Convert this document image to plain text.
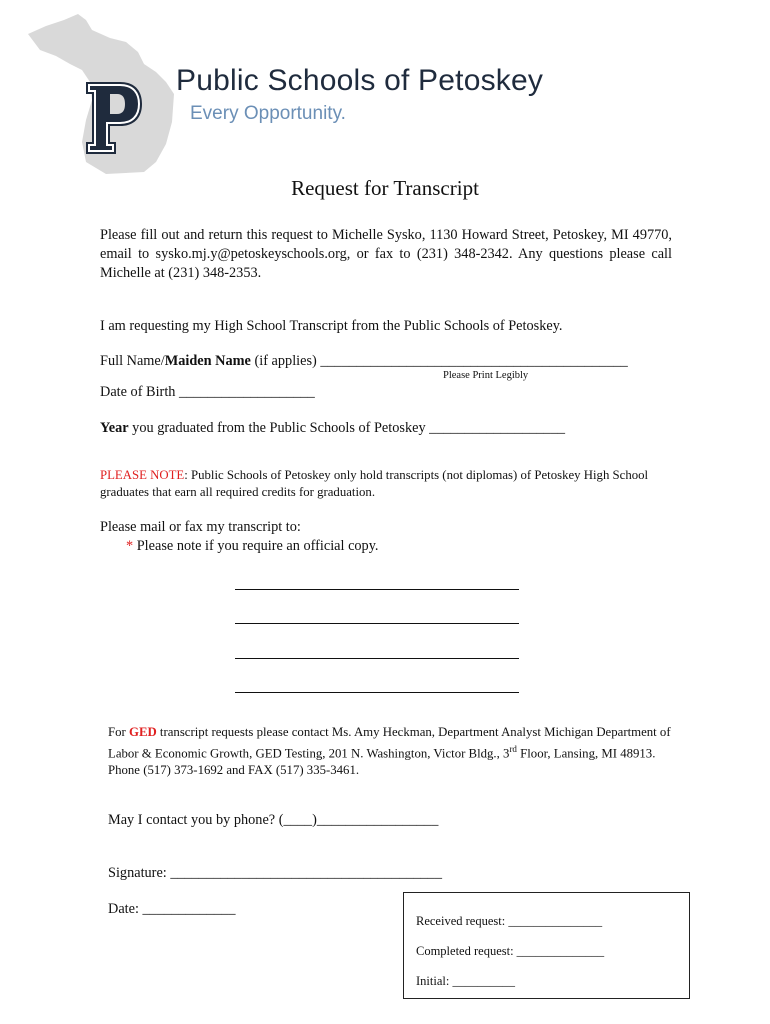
Public Schools of Petoskey
Every Opportunity.
Request for Transcript
Please fill out and return this request to Michelle Sysko, 1130 Howard Street, Petoskey, MI 49770, email to sysko.mj.y@petoskeyschools.org, or fax to (231) 348-2342. Any questions please call Michelle at (231) 348-2353.
I am requesting my High School Transcript from the Public Schools of Petoskey.
Full Name/Maiden Name (if applies) ___________________________________________
Please Print Legibly
Date of Birth ___________________
Year you graduated from the Public Schools of Petoskey ___________________
PLEASE NOTE: Public Schools of Petoskey only hold transcripts (not diplomas) of Petoskey High School graduates that earn all required credits for graduation.
Please mail or fax my transcript to:
* Please note if you require an official copy.
For GED transcript requests please contact Ms. Amy Heckman, Department Analyst Michigan Department of Labor & Economic Growth, GED Testing, 201 N. Washington, Victor Bldg., 3rd Floor, Lansing, MI 48913. Phone (517) 373-1692 and FAX (517) 335-3461.
May I contact you by phone? (____)_________________
Signature: ______________________________________
Date: _____________
Received request: _______________
Completed request: ______________
Initial: __________
